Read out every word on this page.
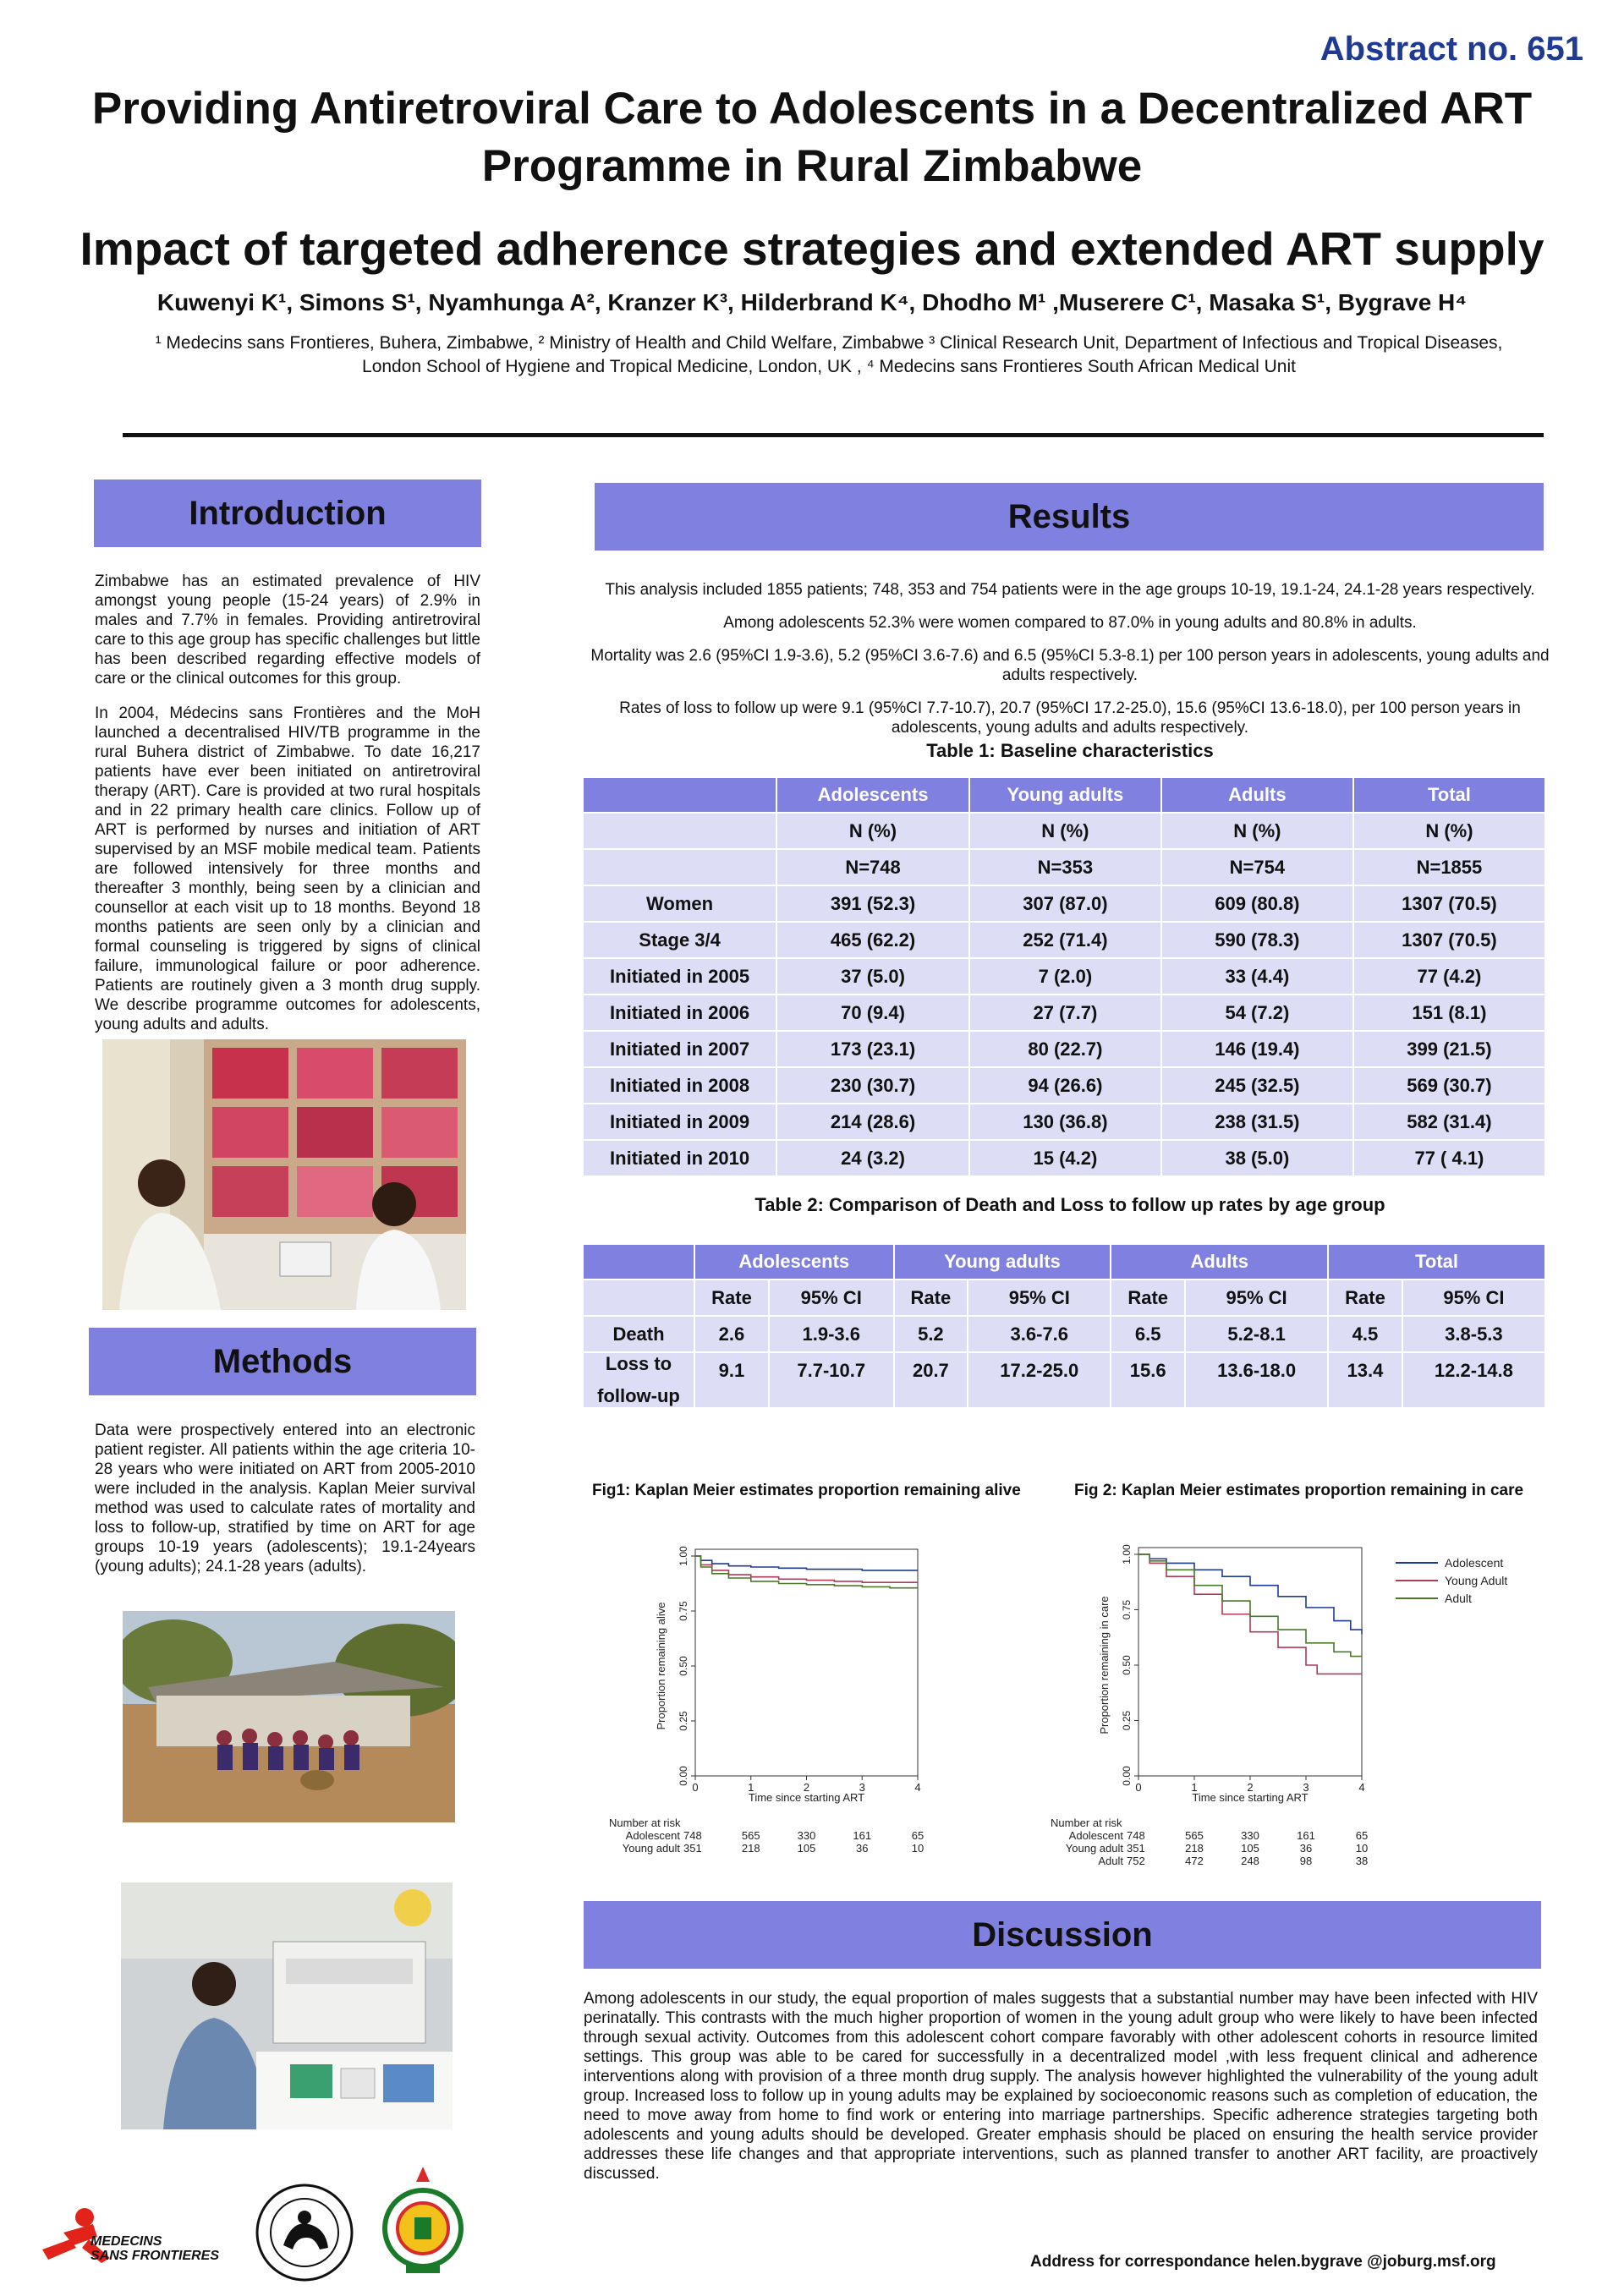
Abstract no. 651
Providing Antiretroviral Care to Adolescents in a Decentralized ART
Programme in Rural Zimbabwe
Impact of targeted adherence strategies and extended ART supply
Kuwenyi K¹, Simons S¹, Nyamhunga A², Kranzer K³, Hilderbrand K⁴, Dhodho M¹ ,Muserere C¹, Masaka S¹, Bygrave H⁴
¹ Medecins sans Frontieres, Buhera, Zimbabwe, ² Ministry of Health and Child Welfare, Zimbabwe ³ Clinical Research Unit, Department of Infectious and Tropical Diseases,
London School of Hygiene and Tropical Medicine, London, UK , ⁴ Medecins sans Frontieres South African Medical Unit
Introduction

Zimbabwe has an estimated prevalence of HIV amongst young people (15-24 years) of 2.9% in males and 7.7% in females. Providing antiretroviral care to this age group has specific challenges but little has been described regarding effective models of care or the clinical outcomes for this group.

In 2004, Médecins sans Frontières and the MoH launched a decentralised HIV/TB programme in the rural Buhera district of Zimbabwe. To date 16,217 patients have ever been initiated on antiretroviral therapy (ART). Care is provided at two rural hospitals and in 22 primary health care clinics. Follow up of ART is performed by nurses and initiation of ART supervised by an MSF mobile medical team. Patients are followed intensively for three months and thereafter 3 monthly, being seen by a clinician and counsellor at each visit up to 18 months. Beyond 18 months patients are seen only by a clinician and formal counseling is triggered by signs of clinical failure, immunological failure or poor adherence. Patients are routinely given a 3 month drug supply. We describe programme outcomes for adolescents, young adults and adults.

Methods

Data were prospectively entered into an electronic patient register. All patients within the age criteria 10-28 years who were initiated on ART from 2005-2010 were included in the analysis. Kaplan Meier survival method was used to calculate rates of mortality and loss to follow-up, stratified by time on ART for age groups 10-19 years (adolescents); 19.1-24years (young adults); 24.1-28 years (adults).

MEDECINS
SANS FRONTIERES
Results

This analysis included 1855 patients; 748, 353 and 754 patients were in the age groups 10-19, 19.1-24, 24.1-28 years respectively.

Among adolescents 52.3% were women compared to 87.0% in young adults and 80.8% in adults.

Mortality was 2.6 (95%CI 1.9-3.6), 5.2 (95%CI 3.6-7.6) and 6.5 (95%CI 5.3-8.1) per 100 person years in adolescents, young adults and adults respectively.

Rates of loss to follow up were 9.1 (95%CI 7.7-10.7), 20.7 (95%CI 17.2-25.0), 15.6 (95%CI 13.6-18.0), per 100 person years in adolescents, young adults and adults respectively.

Table 1: Baseline characteristics
	Adolescents	Young adults	Adults	Total
	N (%)	N (%)	N (%)	N (%)
	N=748	N=353	N=754	N=1855
Women	391 (52.3)	307 (87.0)	609 (80.8)	1307 (70.5)
Stage 3/4	465 (62.2)	252 (71.4)	590 (78.3)	1307 (70.5)
Initiated in 2005	37 (5.0)	7 (2.0)	33 (4.4)	77 (4.2)
Initiated in 2006	70 (9.4)	27 (7.7)	54 (7.2)	151 (8.1)
Initiated in 2007	173 (23.1)	80 (22.7)	146 (19.4)	399 (21.5)
Initiated in 2008	230 (30.7)	94 (26.6)	245 (32.5)	569 (30.7)
Initiated in 2009	214 (28.6)	130 (36.8)	238 (31.5)	582 (31.4)
Initiated in 2010	24 (3.2)	15 (4.2)	38 (5.0)	77 ( 4.1)
Table 2: Comparison of Death and Loss to follow up rates by age group
	Adolescents		Young adults		Adults		Total	
	Rate	95% CI	Rate	95% CI	Rate	95% CI	Rate	95% CI
Death	2.6	1.9-3.6	5.2	3.6-7.6	6.5	5.2-8.1	4.5	3.8-5.3

Loss to
follow-up	9.1	7.7-10.7	20.7	17.2-25.0	15.6	13.6-18.0	13.4	12.2-14.8
Fig1: Kaplan Meier estimates proportion remaining alive	Fig 2: Kaplan Meier estimates proportion remaining in care
0.00
0.25
0.50
0.75
1.00
0	1	2	3	4
Time since starting ART
Proportion remaining alive
Number at risk
Adolescent 748	565	330	161	65
Young adult 351	218	105	36	10
0.00
0.25
0.50
0.75
1.00
0	1	2	3	4
Time since starting ART
Proportion remaining in care
Adolescent
Young Adult
Adult
Number at risk
Adolescent 748	565	330	161	65
Young adult 351	218	105	36	10
Adult 752	472	248	98	38
Discussion

Among adolescents in our study, the equal proportion of males suggests that a substantial number may have been infected with HIV perinatally. This contrasts with the much higher proportion of women in the young adult group who were likely to have been infected through sexual activity. Outcomes from this adolescent cohort compare favorably with other adolescent cohorts in resource limited settings. This group was able to be cared for successfully in a decentralized model ,with less frequent clinical and adherence interventions along with provision of a three month drug supply. The analysis however highlighted the vulnerability of the young adult group. Increased loss to follow up in young adults may be explained by socioeconomic reasons such as completion of education, the need to move away from home to find work or entering into marriage partnerships. Specific adherence strategies targeting both adolescents and young adults should be developed. Greater emphasis should be placed on ensuring the health service provider addresses these life changes and that appropriate interventions, such as planned transfer to another ART facility, are proactively discussed.

Address for correspondance helen.bygrave @joburg.msf.org
